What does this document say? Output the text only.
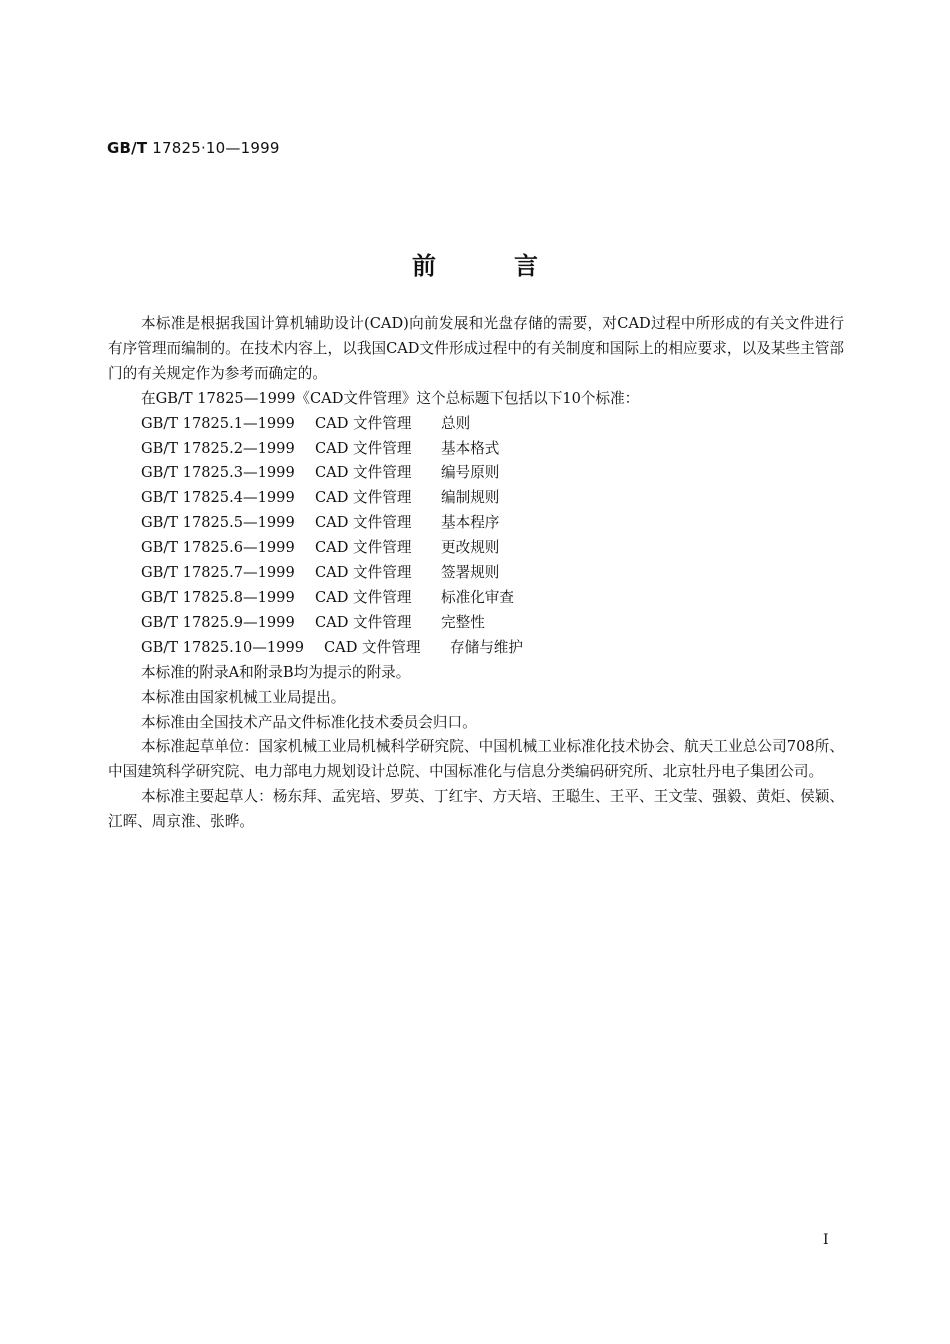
GB/T 17825·10—1999
前言

本标准是根据我国计算机辅助设计(CAD)向前发展和光盘存储的需要，对CAD过程中所形成的有关文件进行有序管理而编制的。在技术内容上，以我国CAD文件形成过程中的有关制度和国际上的相应要求，以及某些主管部门的有关规定作为参考而确定的。

在GB/T 17825—1999《CAD文件管理》这个总标题下包括以下10个标准：

GB/T 17825.1—1999 CAD 文件管理 总则

GB/T 17825.2—1999 CAD 文件管理 基本格式

GB/T 17825.3—1999 CAD 文件管理 编号原则

GB/T 17825.4—1999 CAD 文件管理 编制规则

GB/T 17825.5—1999 CAD 文件管理 基本程序

GB/T 17825.6—1999 CAD 文件管理 更改规则

GB/T 17825.7—1999 CAD 文件管理 签署规则

GB/T 17825.8—1999 CAD 文件管理 标准化审查

GB/T 17825.9—1999 CAD 文件管理 完整性

GB/T 17825.10—1999 CAD 文件管理 存储与维护

本标准的附录A和附录B均为提示的附录。

本标准由国家机械工业局提出。

本标准由全国技术产品文件标准化技术委员会归口。

本标准起草单位：国家机械工业局机械科学研究院、中国机械工业标准化技术协会、航天工业总公司708所、中国建筑科学研究院、电力部电力规划设计总院、中国标准化与信息分类编码研究所、北京牡丹电子集团公司。

本标准主要起草人：杨东拜、孟宪培、罗英、丁红宇、方天培、王聪生、王平、王文莹、强毅、黄炬、侯颖、江晖、周京淮、张晔。

I
